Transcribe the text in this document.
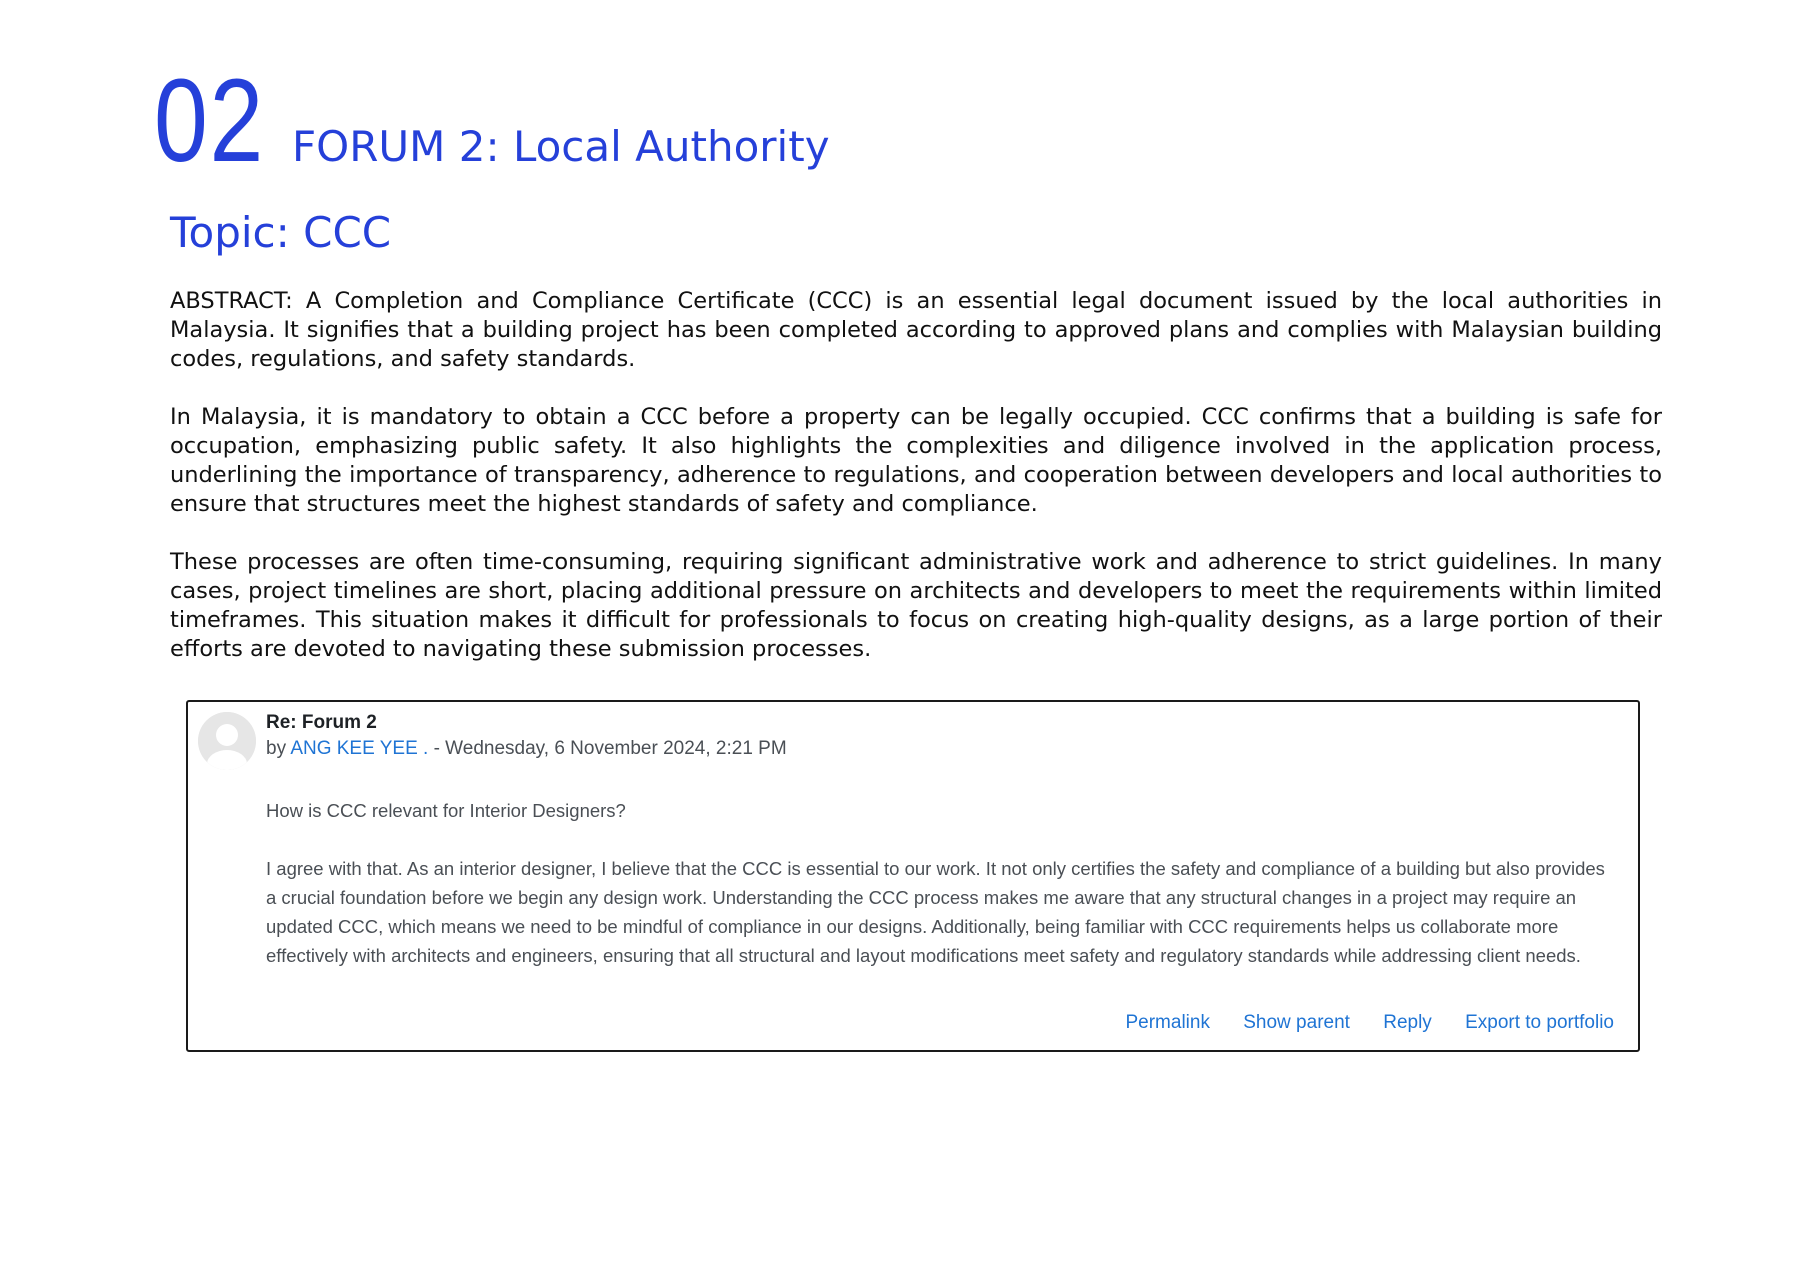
02 FORUM 2: Local Authority
Topic: CCC

ABSTRACT: A Completion and Compliance Certificate (CCC) is an essential legal document issued by the local authorities in Malaysia. It signifies that a building project has been completed according to approved plans and complies with Malaysian building codes, regulations, and safety standards.

In Malaysia, it is mandatory to obtain a CCC before a property can be legally occupied. CCC confirms that a building is safe for occupation, emphasizing public safety. It also highlights the complexities and diligence involved in the application process, underlining the importance of transparency, adherence to regulations, and cooperation between developers and local authorities to ensure that structures meet the highest standards of safety and compliance.

These processes are often time-consuming, requiring significant administrative work and adherence to strict guidelines. In many cases, project timelines are short, placing additional pressure on architects and developers to meet the requirements within limited timeframes. This situation makes it difficult for professionals to focus on creating high-quality designs, as a large portion of their efforts are devoted to navigating these submission processes.

Re: Forum 2
by ANG KEE YEE . - Wednesday, 6 November 2024, 2:21 PM

How is CCC relevant for Interior Designers?

I agree with that. As an interior designer, I believe that the CCC is essential to our work. It not only certifies the safety and compliance of a building but also provides a crucial foundation before we begin any design work. Understanding the CCC process makes me aware that any structural changes in a project may require an updated CCC, which means we need to be mindful of compliance in our designs. Additionally, being familiar with CCC requirements helps us collaborate more effectively with architects and engineers, ensuring that all structural and layout modifications meet safety and regulatory standards while addressing client needs.

Permalink Show parent Reply Export to portfolio
